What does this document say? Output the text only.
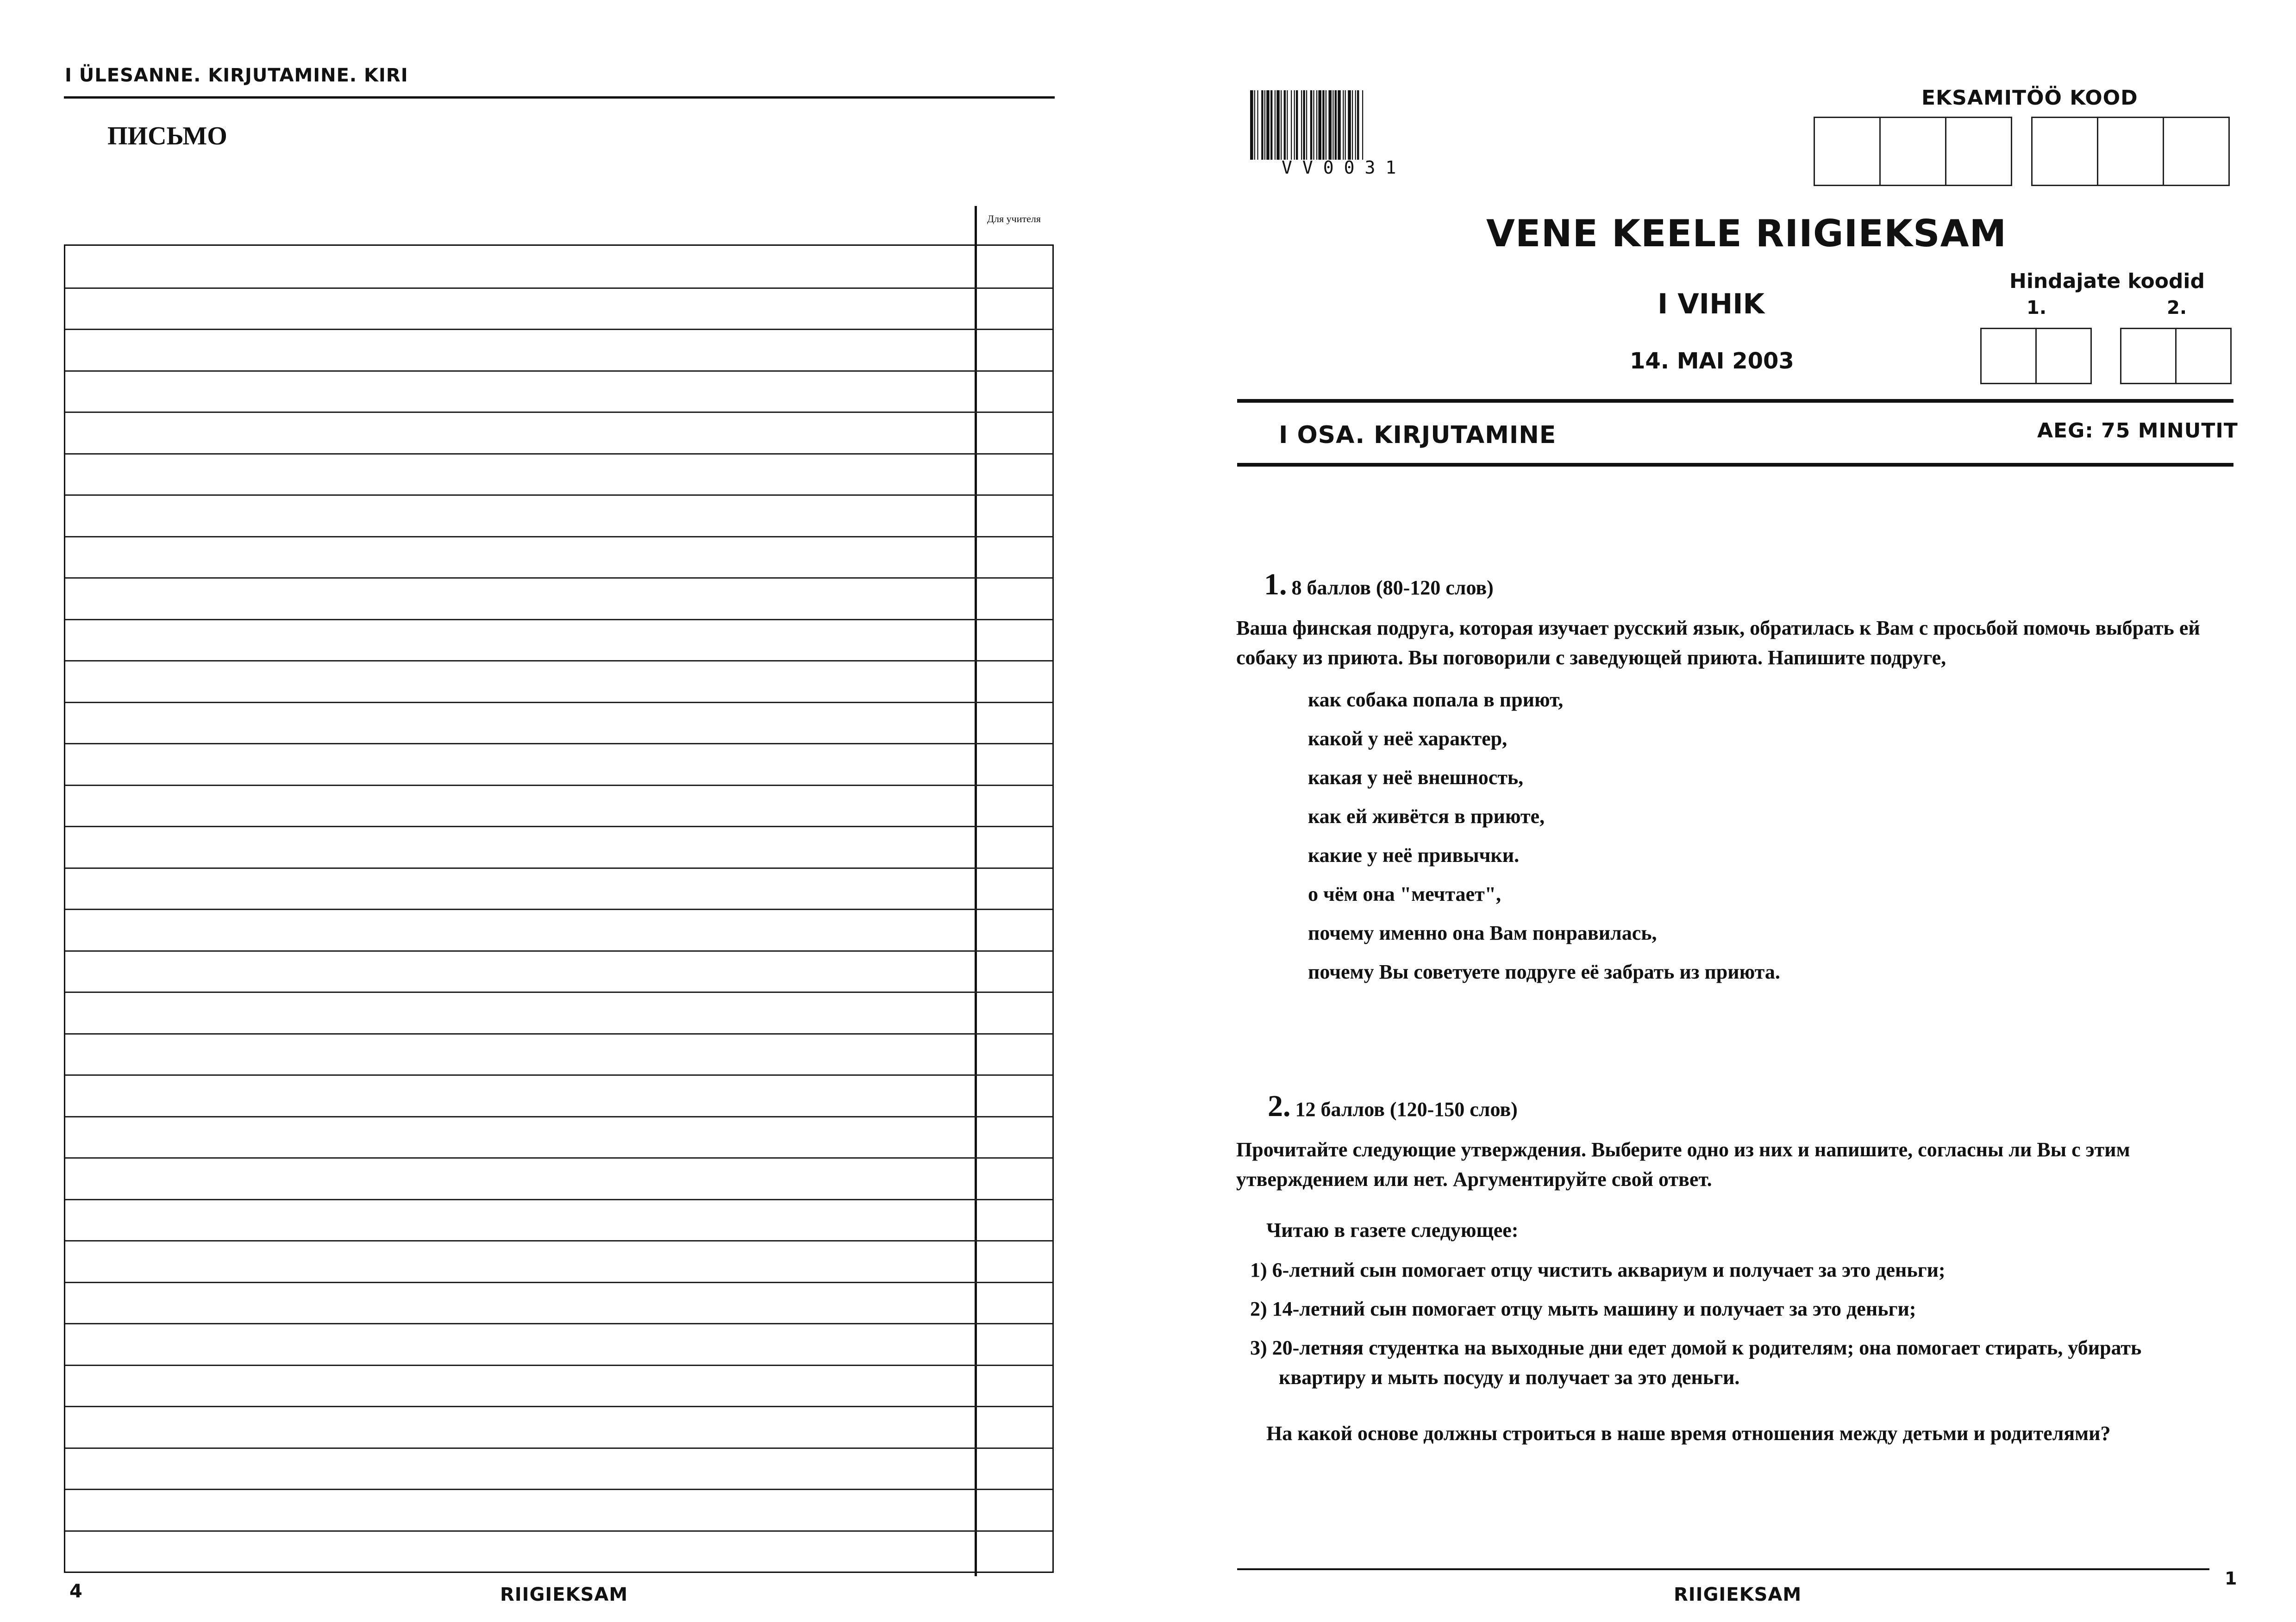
I ÜLESANNE. KIRJUTAMINE. KIRI
ПИСЬМО
Для учителя
4	RIIGIEKSAM
VV0031
EKSAMITÖÖ KOOD
VENE KEELE RIIGIEKSAM
I VIHIK
14. MAI 2003
Hindajate koodid
1.	2.
I OSA. KIRJUTAMINE	AEG: 75 MINUTIT
1. 8 баллов (80-120 слов)
Ваша финская подруга, которая изучает русский язык, обратилась к Вам с просьбой помочь выбрать ей собаку из приюта. Вы поговорили с заведующей приюта. Напишите подруге,
как собака попала в приют,
какой у неё характер,
какая у неё внешность,
как ей живётся в приюте,
какие у неё привычки.
о чём она "мечтает",
почему именно она Вам понравилась,
почему Вы советуете подруге её забрать из приюта.
2. 12 баллов (120-150 слов)
Прочитайте следующие утверждения. Выберите одно из них и напишите, согласны ли Вы с этим утверждением или нет. Аргументируйте свой ответ.
Читаю в газете следующее:
1) 6-летний сын помогает отцу чистить аквариум и получает за это деньги;
2) 14-летний сын помогает отцу мыть машину и получает за это деньги;
3) 20-летняя студентка на выходные дни едет домой к родителям; она помогает стирать, убирать квартиру и мыть посуду и получает за это деньги.
На какой основе должны строиться в наше время отношения между детьми и родителями?
RIIGIEKSAM
1
